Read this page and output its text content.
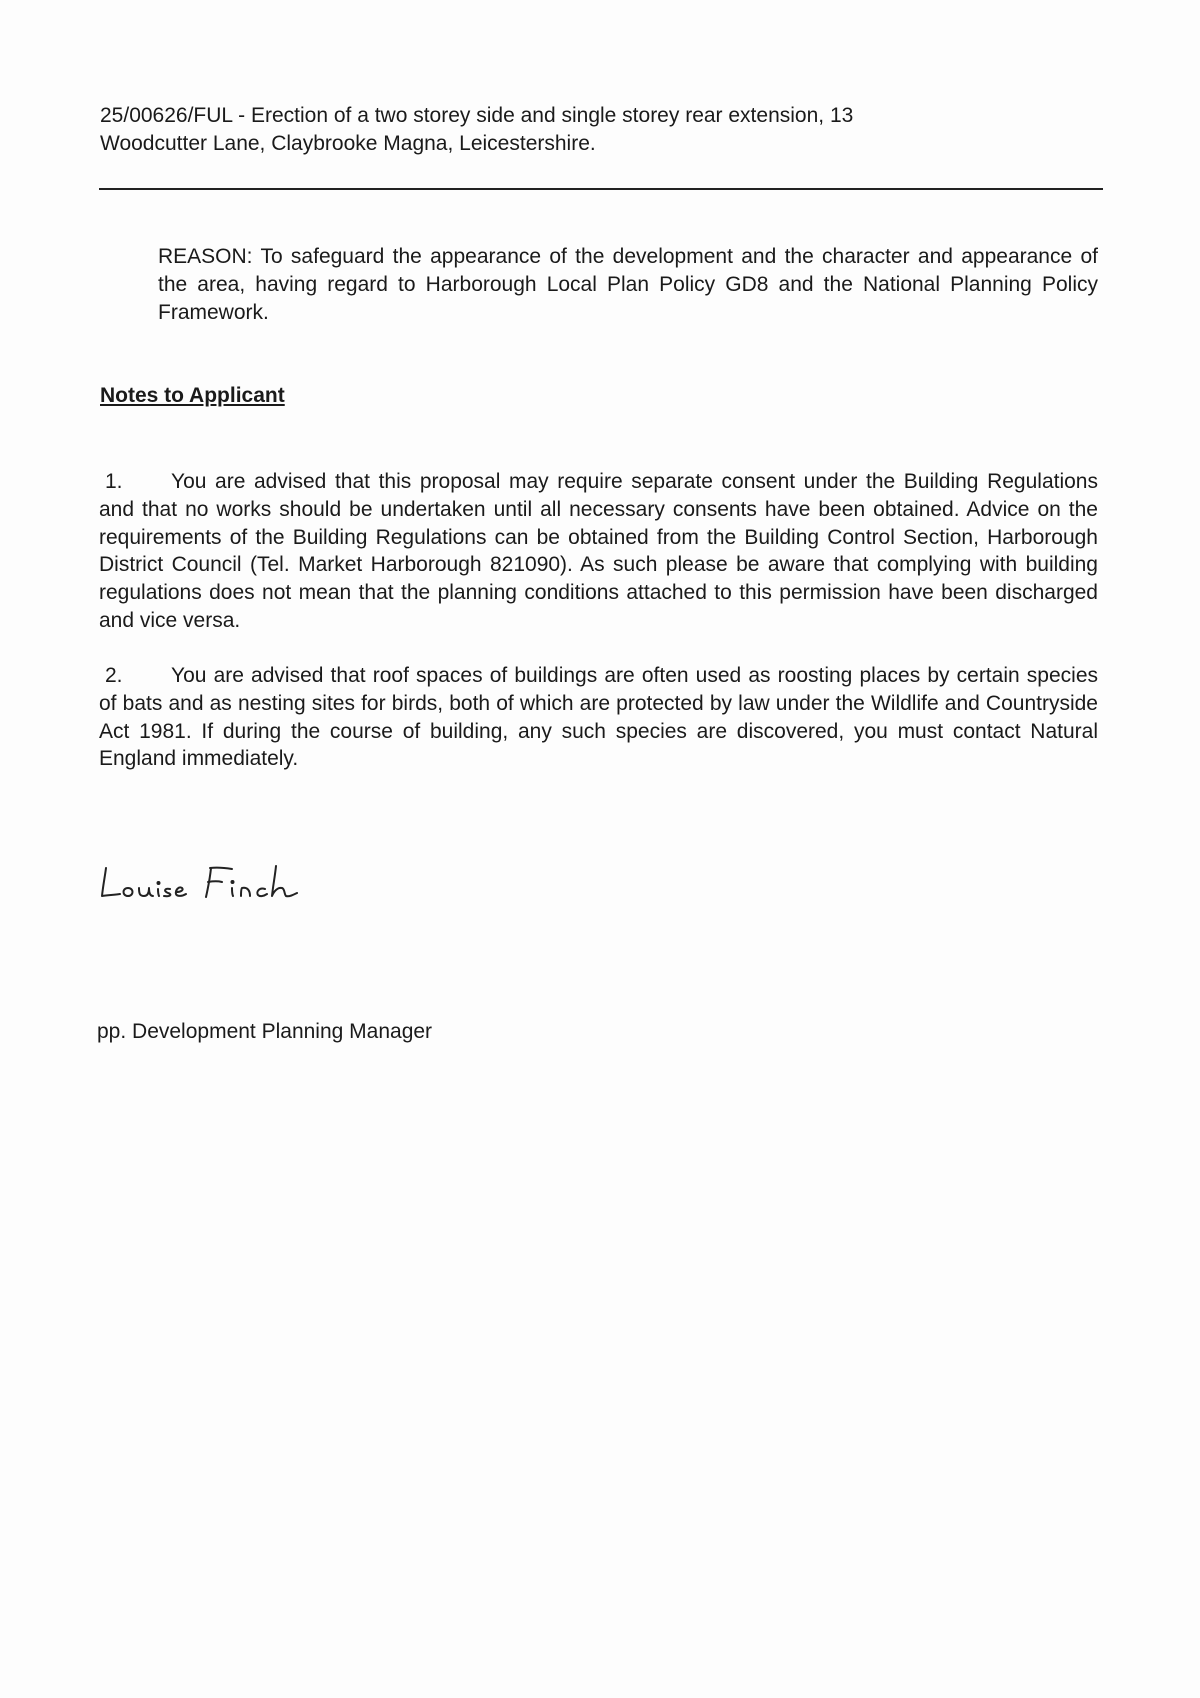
25/00626/FUL - Erection of a two storey side and single storey rear extension, 13
Woodcutter Lane, Claybrooke Magna, Leicestershire.
REASON: To safeguard the appearance of the development and the character and appearance of the area, having regard to Harborough Local Plan Policy GD8 and the National Planning Policy Framework.
Notes to Applicant
1. You are advised that this proposal may require separate consent under the Building Regulations and that no works should be undertaken until all necessary consents have been obtained. Advice on the requirements of the Building Regulations can be obtained from the Building Control Section, Harborough District Council (Tel. Market Harborough 821090). As such please be aware that complying with building regulations does not mean that the planning conditions attached to this permission have been discharged and vice versa.
2. You are advised that roof spaces of buildings are often used as roosting places by certain species of bats and as nesting sites for birds, both of which are protected by law under the Wildlife and Countryside Act 1981. If during the course of building, any such species are discovered, you must contact Natural England immediately.
pp. Development Planning Manager
